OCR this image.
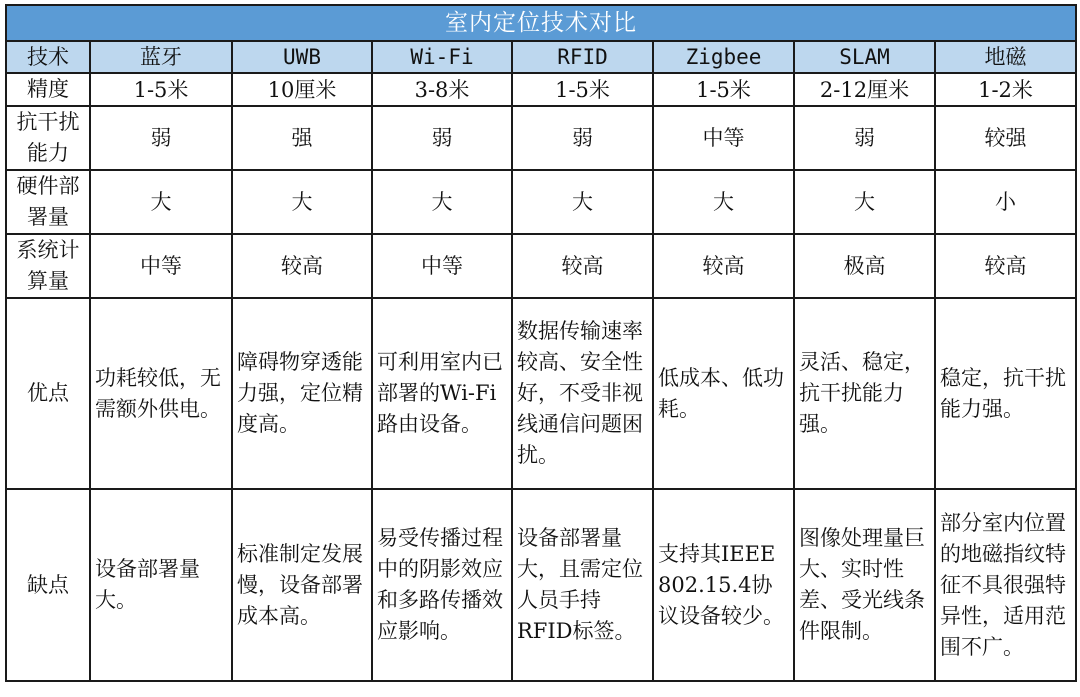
室内定位技术对比							
技术	蓝牙	UWB	Wi-Fi	RFID	Zigbee	SLAM	地磁
精度	1-5米	10厘米	3-8米	1-5米	1-5米	2-12厘米	1-2米
抗干扰能力	弱	强	弱	弱	中等	弱	较强
硬件部署量	大	大	大	大	大	大	小
系统计算量	中等	较高	中等	较高	较高	极高	较高
优点	功耗较低，无需额外供电。	障碍物穿透能力强，定位精度高。	可利用室内已部署的Wi-Fi路由设备。	数据传输速率较高、安全性好，不受非视线通信问题困扰。	低成本、低功耗。	灵活、稳定，抗干扰能力强。	稳定，抗干扰能力强。
缺点	设备部署量大。	标准制定发展慢，设备部署成本高。	易受传播过程中的阴影效应和多路传播效应影响。	设备部署量大，且需定位人员手持RFID标签。	支持其IEEE 802.15.4协议设备较少。	图像处理量巨大、实时性差、受光线条件限制。	部分室内位置的地磁指纹特征不具很强特异性，适用范围不广。
